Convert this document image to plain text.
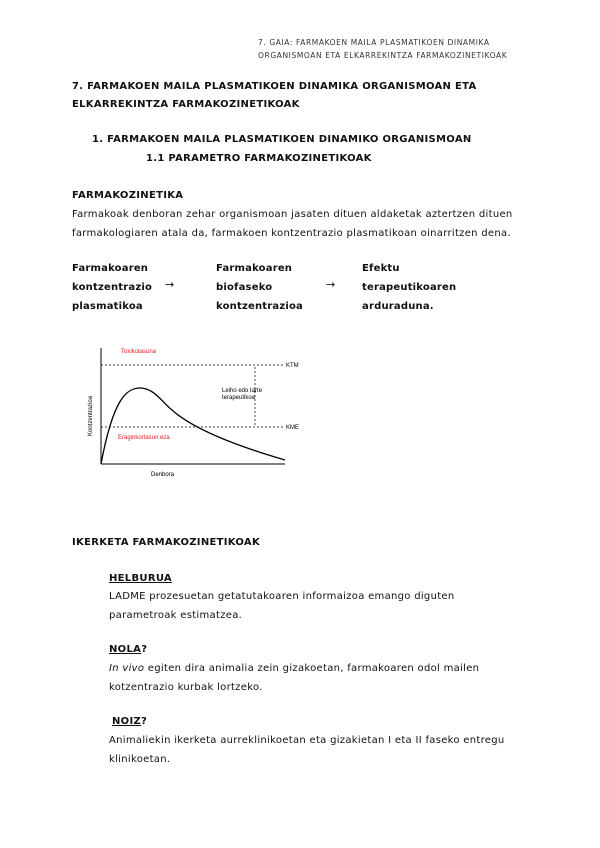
7. GAIA: FARMAKOEN MAILA PLASMATIKOEN DINAMIKA
ORGANISMOAN ETA ELKARREKINTZA FARMAKOZINETIKOAK
7. FARMAKOEN MAILA PLASMATIKOEN DINAMIKA ORGANISMOAN ETA
ELKARREKINTZA FARMAKOZINETIKOAK
1. FARMAKOEN MAILA PLASMATIKOEN DINAMIKO ORGANISMOAN
1.1 PARAMETRO FARMAKOZINETIKOAK
FARMAKOZINETIKA
Farmakoak denboran zehar organismoan jasaten dituen aldaketak aztertzen dituen
farmakologiaren atala da, farmakoen kontzentrazio plasmatikoan oinarritzen dena.
Farmakoaren
kontzentrazio
plasmatikoa
→
Farmakoaren
biofaseko
kontzentrazioa
→
Efektu
terapeutikoaren
arduraduna.
Toxikotasuna
Eraginkortasun eza
Leiho edo tarte
terapeutikoa
KTM
KME
Denbora
Kontzentrazioa
IKERKETA FARMAKOZINETIKOAK
HELBURUA
LADME prozesuetan getatutakoaren informaizoa emango diguten
parametroak estimatzea.
NOLA?
In vivo egiten dira animalia zein gizakoetan, farmakoaren odol mailen
kotzentrazio kurbak lortzeko.
NOIZ?
Animaliekin ikerketa aurreklinikoetan eta gizakietan I eta II faseko entregu
klinikoetan.
